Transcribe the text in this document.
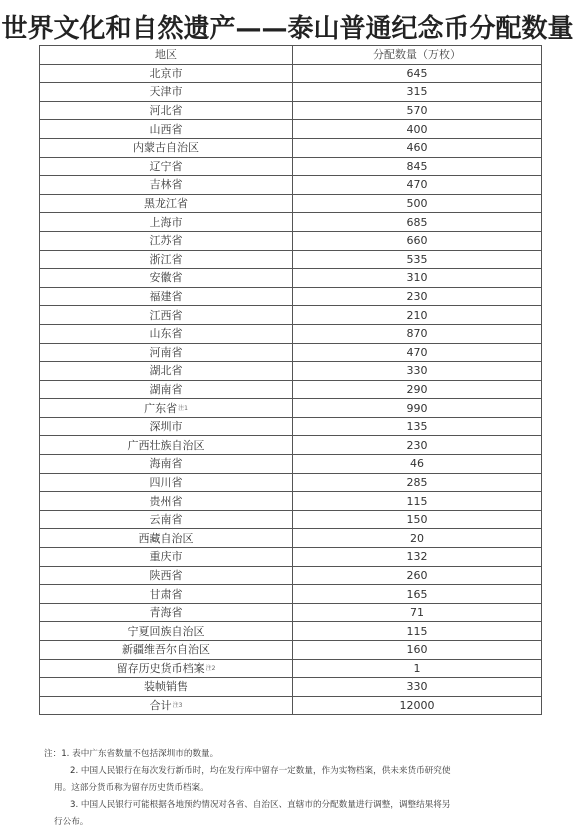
世界文化和自然遗产——泰山普通纪念币分配数量
地区	分配数量（万枚）
北京市	645
天津市	315
河北省	570
山西省	400
内蒙古自治区	460
辽宁省	845
吉林省	470
黑龙江省	500
上海市	685
江苏省	660
浙江省	535
安徽省	310
福建省	230
江西省	210
山东省	870
河南省	470
湖北省	330
湖南省	290
广东省$^{注1}$	990
深圳市	135
广西壮族自治区	230
海南省	46
四川省	285
贵州省	115
云南省	150
西藏自治区	20
重庆市	132
陕西省	260
甘肃省	165
青海省	71
宁夏回族自治区	115
新疆维吾尔自治区	160
留存历史货币档案$^{注2}$	1
装帧销售	330
合计$^{注3}$	12000

注：1. 表中广东省数量不包括深圳市的数量。

2. 中国人民银行在每次发行新币时，均在发行库中留存一定数量，作为实物档案，供未来货币研究使

用。这部分货币称为留存历史货币档案。

3. 中国人民银行可能根据各地预约情况对各省、自治区、直辖市的分配数量进行调整，调整结果将另

行公布。
